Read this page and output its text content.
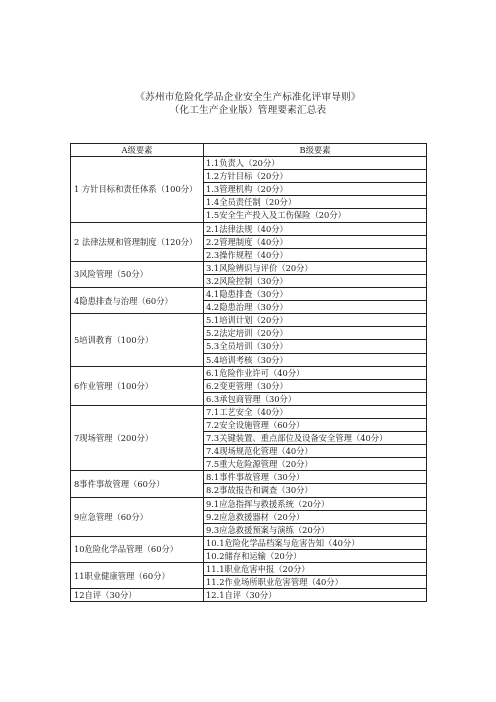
《苏州市危险化学品企业安全生产标准化评审导则》
（化工生产企业版）管理要素汇总表
A级要素	B级要素
1 方针目标和责任体系（100分）	1.1负责人（20分）
	1.2方针目标（20分）
	1.3管理机构（20分）
	1.4全员责任制（20分）
	1.5安全生产投入及工伤保险（20分）
2 法律法规和管理制度（120分）	2.1法律法规（40分）
	2.2管理制度（40分）
	2.3操作规程（40分）
3风险管理（50分）	3.1风险辨识与评价（20分）
	3.2风险控制（30分）
4隐患排查与治理（60分）	4.1隐患排查（30分）
	4.2隐患治理（30分）
5培训教育（100分）	5.1培训计划（20分）
	5.2法定培训（20分）
	5.3全员培训（30分）
	5.4培训考核（30分）
6作业管理（100分）	6.1危险作业许可（40分）
	6.2变更管理（30分）
	6.3承包商管理（30分）
7现场管理（200分）	7.1工艺安全（40分）
	7.2安全设施管理（60分）
	7.3关键装置、重点部位及设备安全管理（40分）
	7.4现场规范化管理（40分）
	7.5重大危险源管理（20分）
8事件事故管理（60分）	8.1事件事故管理（30分）
	8.2事故报告和调查（30分）
9应急管理（60分）	9.1应急指挥与救援系统（20分）
	9.2应急救援器材（20分）
	9.3应急救援预案与演练（20分）
10危险化学品管理（60分）	10.1危险化学品档案与危害告知（40分）
	10.2储存和运输（20分）
11职业健康管理（60分）	11.1职业危害申报（20分）
	11.2作业场所职业危害管理（40分）
12自评（30分）	12.1自评（30分）
